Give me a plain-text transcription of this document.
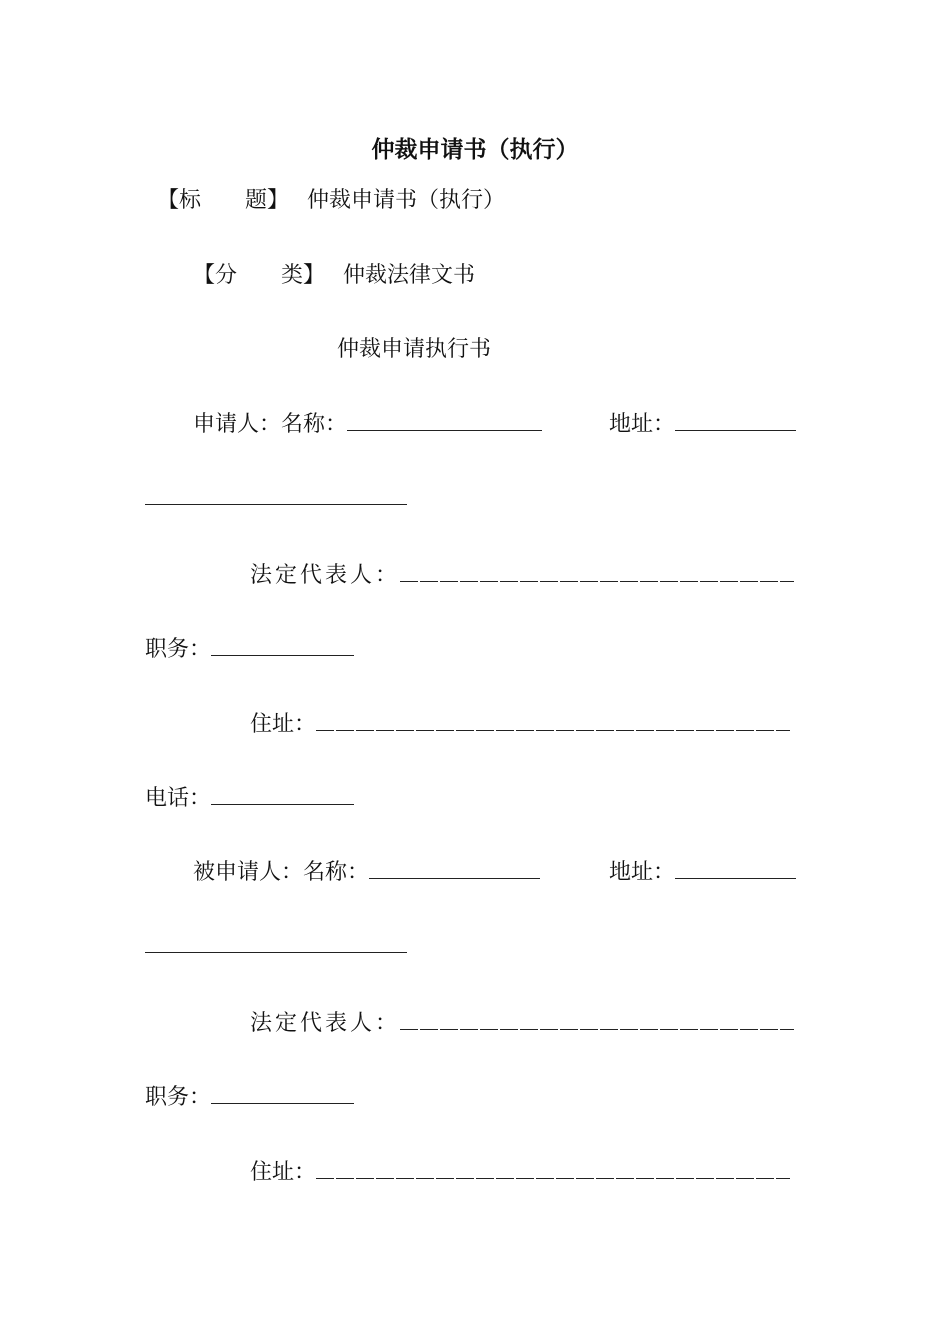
仲裁申请书（执行）
【标　　题】 仲裁申请书（执行）
【分　　类】 仲裁法律文书
仲裁申请执行书
申请人：名称：	地址：
法定代表人：
职务：
住址：
电话：
被申请人：名称：	地址：
法定代表人：
职务：
住址：
